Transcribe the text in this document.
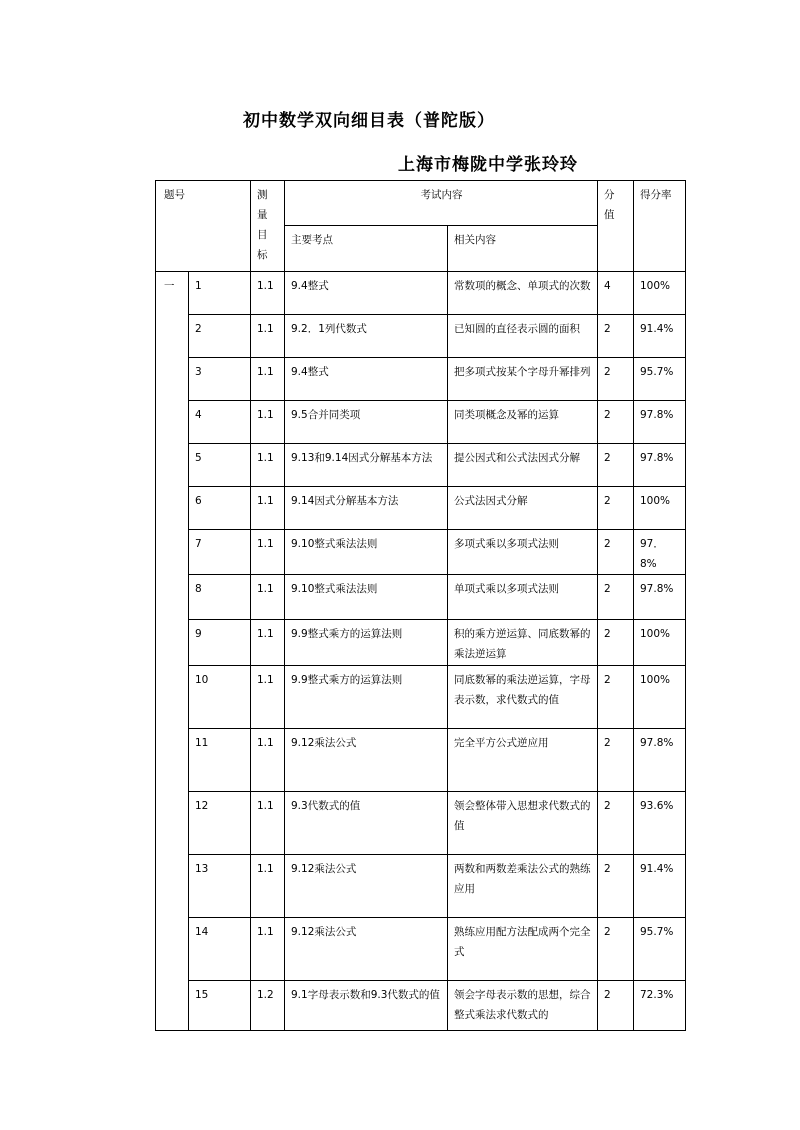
初中数学双向细目表（普陀版）
上海市梅陇中学张玲玲
题号		测量目标	考试内容		分值	得分率
			主要考点	相关内容		
一	1	1.1	9.4整式	常数项的概念、单项式的次数	4	100%
	2	1.1	9.2．1列代数式	已知圆的直径表示圆的面积	2	91.4%
	3	1.1	9.4整式	把多项式按某个字母升幂排列	2	95.7%
	4	1.1	9.5合并同类项	同类项概念及幂的运算	2	97.8%
	5	1.1	9.13和9.14因式分解基本方法	提公因式和公式法因式分解	2	97.8%
	6	1.1	9.14因式分解基本方法	公式法因式分解	2	100%
	7	1.1	9.10整式乘法法则	多项式乘以多项式法则	2	97．8%
	8	1.1	9.10整式乘法法则	单项式乘以多项式法则	2	97.8%
	9	1.1	9.9整式乘方的运算法则	积的乘方逆运算、同底数幂的乘法逆运算	2	100%
	10	1.1	9.9整式乘方的运算法则	同底数幂的乘法逆运算，字母表示数，求代数式的值	2	100%
	11	1.1	9.12乘法公式	完全平方公式逆应用	2	97.8%
	12	1.1	9.3代数式的值	领会整体带入思想求代数式的值	2	93.6%
	13	1.1	9.12乘法公式	两数和两数差乘法公式的熟练应用	2	91.4%
	14	1.1	9.12乘法公式	熟练应用配方法配成两个完全式	2	95.7%
	15	1.2	9.1字母表示数和9.3代数式的值	领会字母表示数的思想，综合整式乘法求代数式的	2	72.3%
